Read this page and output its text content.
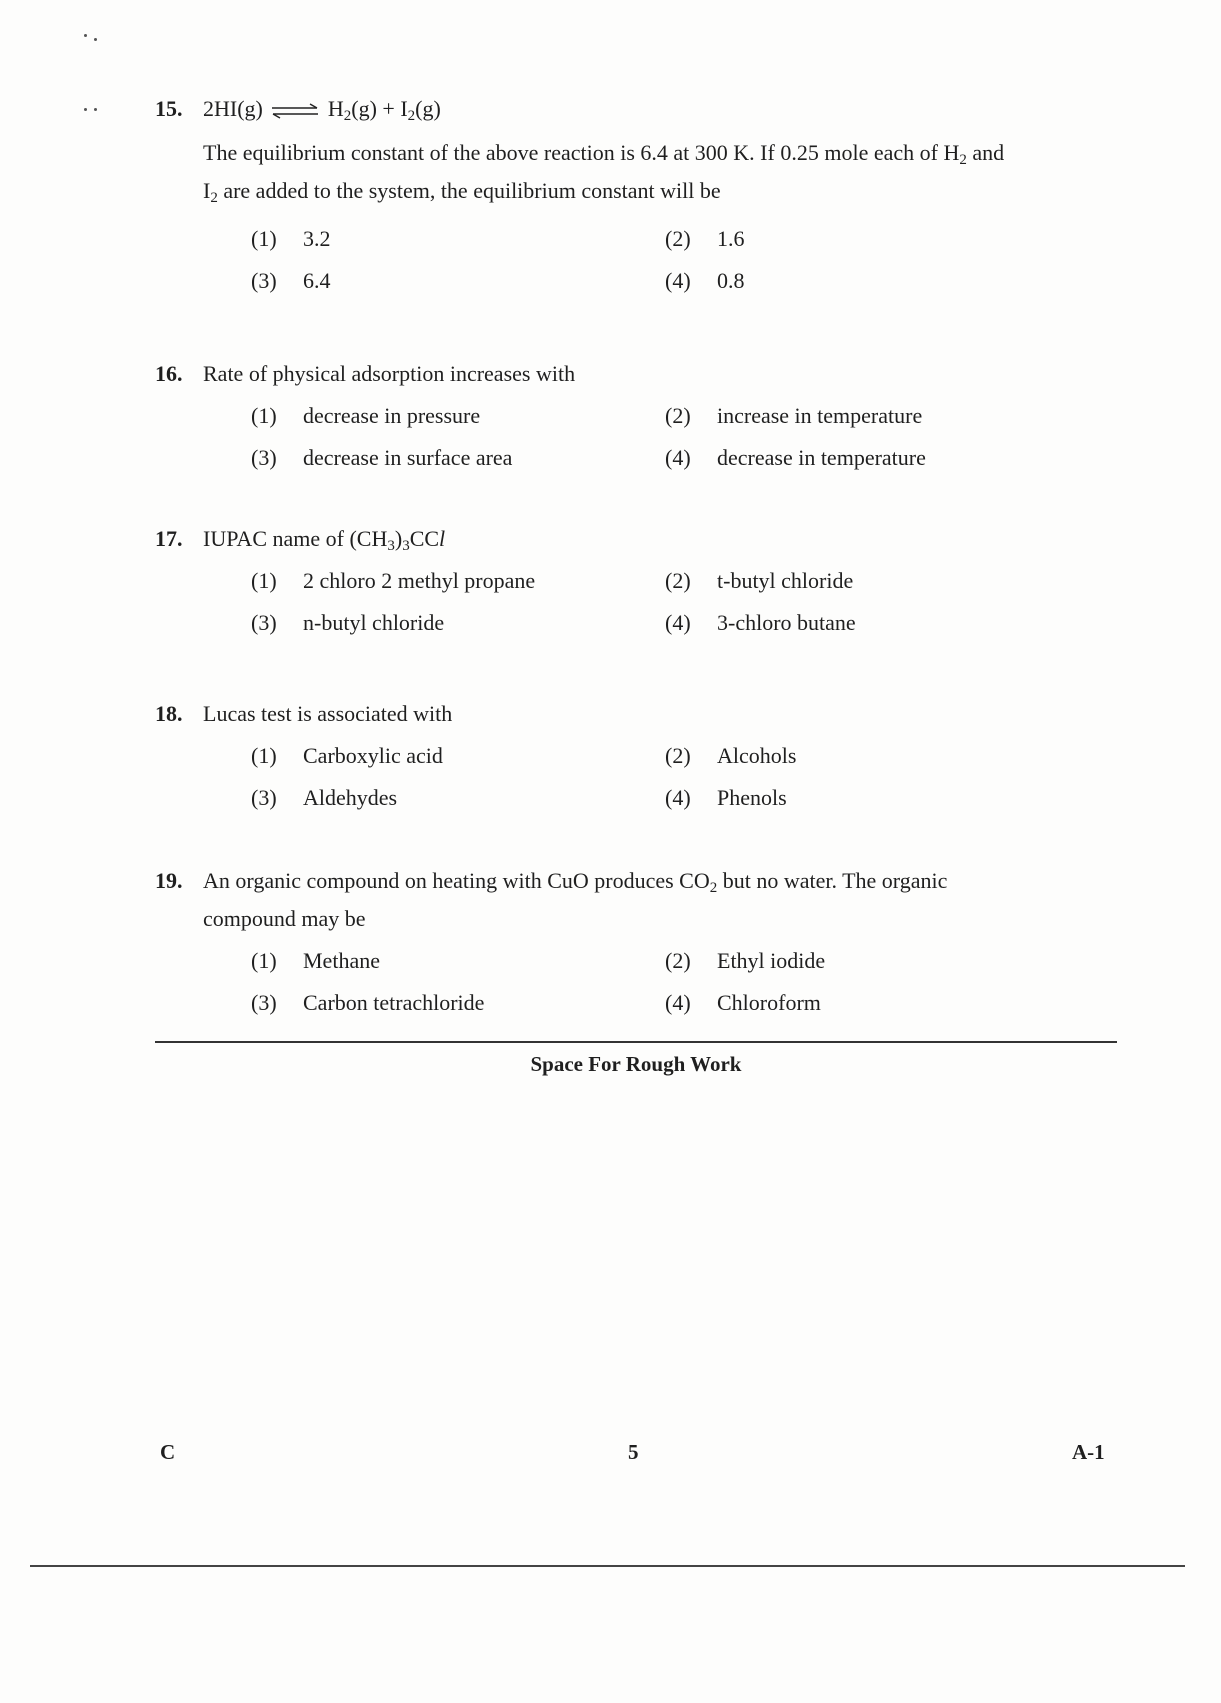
15. 2HI(g) ⇌ $H_2(g) + I_2(g)$
The equilibrium constant of the above reaction is 6.4 at 300 K. If 0.25 mole each of $H_2$ and
$I_2$ are added to the system, the equilibrium constant will be
(1) 3.2	(2) 1.6
(3) 6.4	(4) 0.8
16. Rate of physical adsorption increases with
(1) decrease in pressure	(2) increase in temperature
(3) decrease in surface area	(4) decrease in temperature
17. IUPAC name of $(CH_3)_3CCl$
(1) 2 chloro 2 methyl propane	(2) t-butyl chloride
(3) n-butyl chloride	(4) 3-chloro butane
18. Lucas test is associated with
(1) Carboxylic acid	(2) Alcohols
(3) Aldehydes	(4) Phenols
19. An organic compound on heating with CuO produces $CO_2$ but no water. The organic
compound may be
(1) Methane	(2) Ethyl iodide
(3) Carbon tetrachloride	(4) Chloroform
Space For Rough Work
C	5	A-1
